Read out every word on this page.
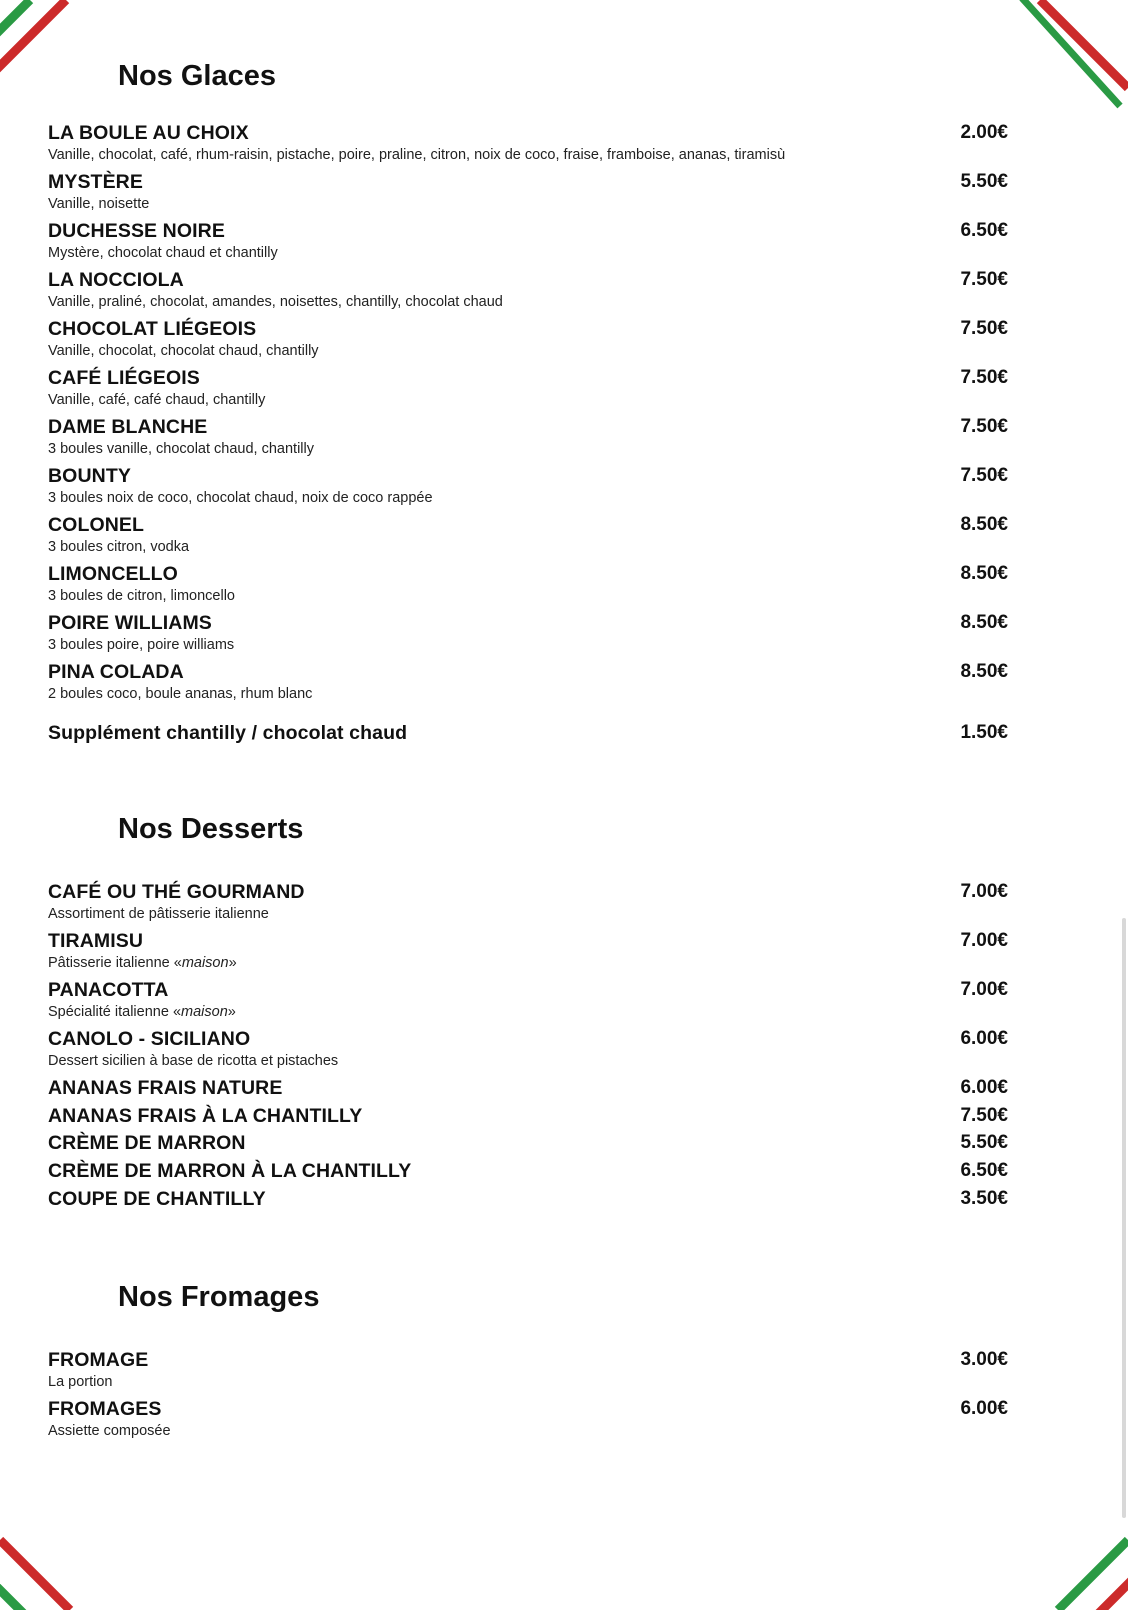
Nos Glaces
LA BOULE AU CHOIX
Vanille, chocolat, café, rhum-raisin, pistache, poire, praline, citron, noix de coco, fraise, framboise, ananas, tiramisù
2.00€
MYSTÈRE
Vanille, noisette
5.50€
DUCHESSE NOIRE
Mystère, chocolat chaud et chantilly
6.50€
LA NOCCIOLA
Vanille, praliné, chocolat, amandes, noisettes, chantilly, chocolat chaud
7.50€
CHOCOLAT LIÉGEOIS
Vanille, chocolat, chocolat chaud, chantilly
7.50€
CAFÉ LIÉGEOIS
Vanille, café, café chaud, chantilly
7.50€
DAME BLANCHE
3 boules vanille, chocolat chaud, chantilly
7.50€
BOUNTY
3 boules noix de coco, chocolat chaud, noix de coco rappée
7.50€
COLONEL
3 boules citron, vodka
8.50€
LIMONCELLO
3 boules de citron, limoncello
8.50€
POIRE WILLIAMS
3 boules poire, poire williams
8.50€
PINA COLADA
2 boules coco, boule ananas, rhum blanc
8.50€
Supplément chantilly / chocolat chaud	1.50€
Nos Desserts
CAFÉ OU THÉ GOURMAND
Assortiment de pâtisserie italienne
7.00€
TIRAMISU
Pâtisserie italienne «maison»
7.00€
PANACOTTA
Spécialité italienne «maison»
7.00€
CANOLO - SICILIANO
Dessert sicilien à base de ricotta et pistaches
6.00€
ANANAS FRAIS NATURE	6.00€
ANANAS FRAIS À LA CHANTILLY	7.50€
CRÈME DE MARRON	5.50€
CRÈME DE MARRON À LA CHANTILLY	6.50€
COUPE DE CHANTILLY	3.50€
Nos Fromages
FROMAGE
La portion
3.00€
FROMAGES
Assiette composée
6.00€
